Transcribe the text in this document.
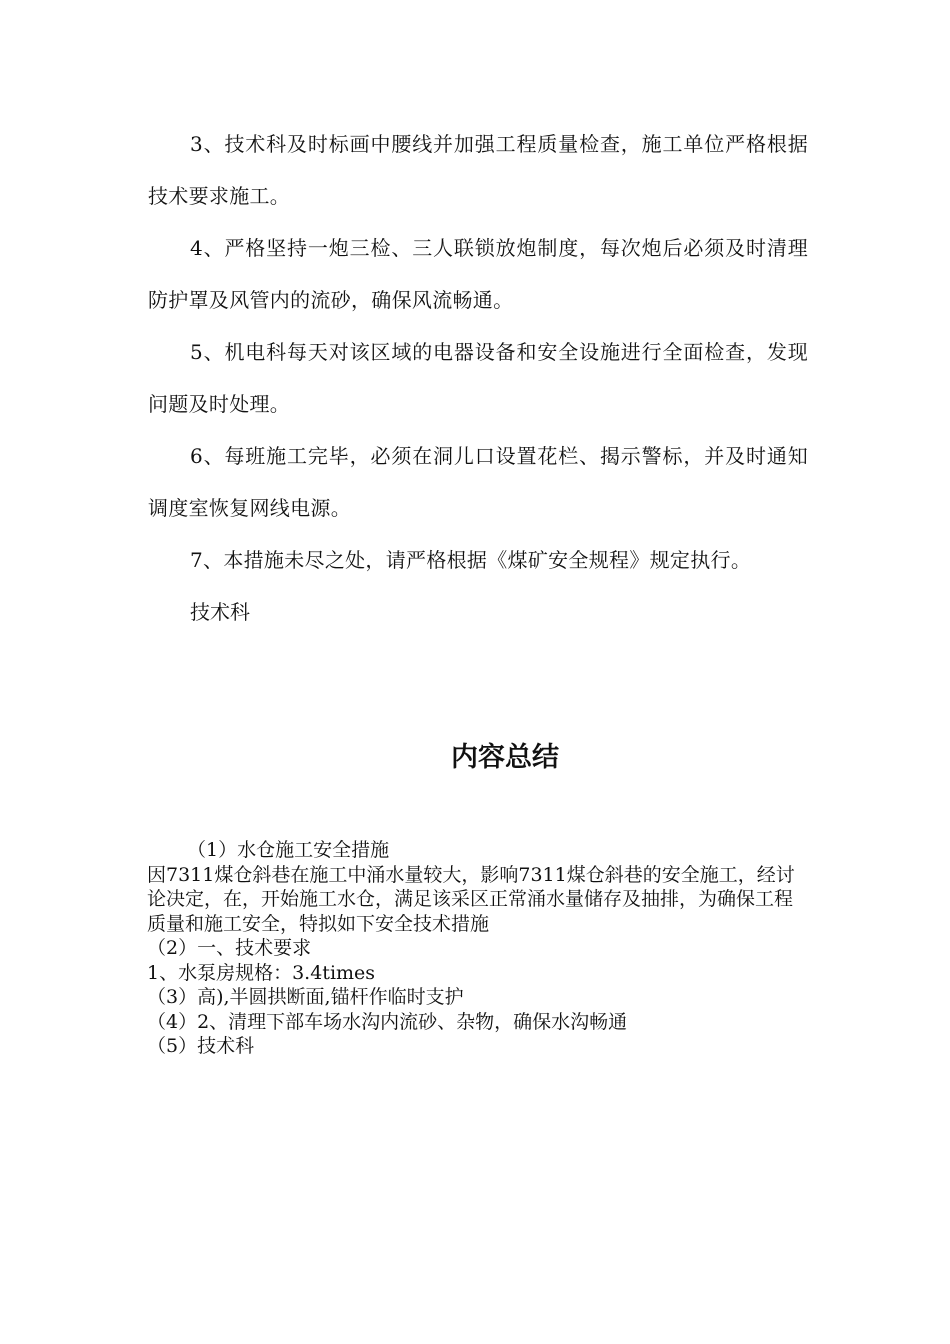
3、技术科及时标画中腰线并加强工程质量检查，施工单位严格根据技术要求施工。

4、严格坚持一炮三检、三人联锁放炮制度，每次炮后必须及时清理防护罩及风管内的流砂，确保风流畅通。

5、机电科每天对该区域的电器设备和安全设施进行全面检查，发现问题及时处理。

6、每班施工完毕，必须在洞儿口设置花栏、揭示警标，并及时通知调度室恢复网线电源。

7、本措施未尽之处，请严格根据《煤矿安全规程》规定执行。

技术科

内容总结

（1）水仓施工安全措施

因7311煤仓斜巷在施工中涌水量较大，影响7311煤仓斜巷的安全施工，经讨论决定，在，开始施工水仓，满足该采区正常涌水量储存及抽排，为确保工程质量和施工安全，特拟如下安全技术措施

（2）一、技术要求

1、水泵房规格：3.4times

（3）高),半圆拱断面,锚杆作临时支护

（4）2、清理下部车场水沟内流砂、杂物，确保水沟畅通

（5）技术科
